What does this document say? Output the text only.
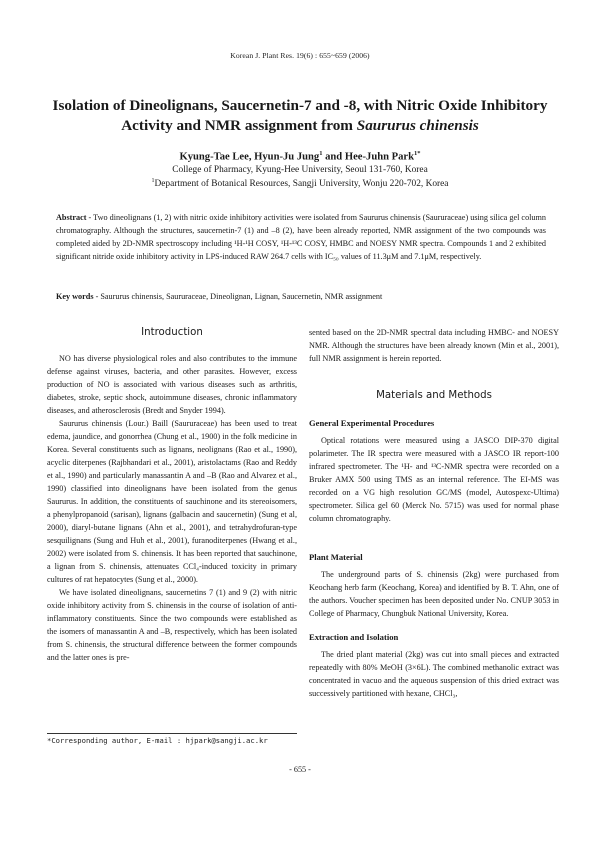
Korean J. Plant Res. 19(6) : 655~659 (2006)
Isolation of Dineolignans, Saucernetin-7 and -8, with Nitric Oxide Inhibitory
Activity and NMR assignment from Saururus chinensis
Kyung-Tae Lee, Hyun-Ju Jung$^1$ and Hee-Juhn Park$^{1*}$
College of Pharmacy, Kyung-Hee University, Seoul 131-760, Korea
$^1$Department of Botanical Resources, Sangji University, Wonju 220-702, Korea
Abstract - Two dineolignans (1, 2) with nitric oxide inhibitory activities were isolated from Saururus chinensis (Saururaceae) using silica gel column chromatography. Although the structures, saucernetin-7 (1) and –8 (2), have been already reported, NMR assignment of the two compounds was completed aided by 2D-NMR spectroscopy including ¹H-¹H COSY, ¹H-¹³C COSY, HMBC and NOESY NMR spectra. Compounds 1 and 2 exhibited significant nitride oxide inhibitory activity in LPS-induced RAW 264.7 cells with IC₅₀ values of 11.3μM and 7.1μM, respectively.
Key words - Saururus chinensis, Saururaceae, Dineolignan, Lignan, Saucernetin, NMR assignment
Introduction

NO has diverse physiological roles and also contributes to the immune defense against viruses, bacteria, and other parasites. However, excess production of NO is associated with various diseases such as arthritis, diabetes, stroke, septic shock, autoimmune diseases, chronic inflammatory diseases, and atherosclerosis (Bredt and Snyder 1994).

Saururus chinensis (Lour.) Baill (Saururaceae) has been used to treat edema, jaundice, and gonorrhea (Chung et al., 1900) in the folk medicine in Korea. Several constituents such as lignans, neolignans (Rao et al., 1990), acyclic diterpenes (Rajbhandari et al., 2001), aristolactams (Rao and Reddy et al., 1990) and particularly manassantin A and –B (Rao and Alvarez et al., 1990) classified into dineolignans have been isolated from the genus Saururus. In addition, the constituents of sauchinone and its stereoisomers, a phenylpropanoid (sarisan), lignans (galbacin and saucernetin) (Sung et al, 2000), diaryl-butane lignans (Ahn et al., 2001), and tetrahydrofuran-type sesquilignans (Sung and Huh et al., 2001), furanoditerpenes (Hwang et al., 2002) were isolated from S. chinensis. It has been reported that sauchinone, a lignan from S. chinensis, attenuates CCl₄-induced toxicity in primary cultures of rat hepatocytes (Sung et al., 2000).

We have isolated dineolignans, saucernetins 7 (1) and 9 (2) with nitric oxide inhibitory activity from S. chinensis in the course of isolation of anti-inflammatory constituents. Since the two compounds were established as the isomers of manassantin A and –B, respectively, which has been isolated from S. chinensis, the structural difference between the former compounds and the latter ones is pre-

sented based on the 2D-NMR spectral data including HMBC- and NOESY NMR. Although the structures have been already known (Min et al., 2001), full NMR assignment is herein reported.

Materials and Methods
General Experimental Procedures

Optical rotations were measured using a JASCO DIP-370 digital polarimeter. The IR spectra were measured with a JASCO IR report-100 infrared spectrometer. The ¹H- and ¹³C-NMR spectra were recorded on a Bruker AMX 500 using TMS as an internal reference. The EI-MS was recorded on a VG high resolution GC/MS (model, Autospexc-Ultima) spectrometer. Silica gel 60 (Merck No. 5715) was used for normal phase column chromatography.

Plant Material

The underground parts of S. chinensis (2kg) were purchased from Keochang herb farm (Keochang, Korea) and identified by B. T. Ahn, one of the authors. Voucher specimen has been deposited under No. CNUP 3053 in College of Pharmacy, Chungbuk National University, Korea.

Extraction and Isolation

The dried plant material (2kg) was cut into small pieces and extracted repeatedly with 80% MeOH (3×6L). The combined methanolic extract was concentrated in vacuo and the aqueous suspension of this dried extract was successively partitioned with hexane, CHCl₃,

*Corresponding author, E-mail : hjpark@sangji.ac.kr
- 655 -
